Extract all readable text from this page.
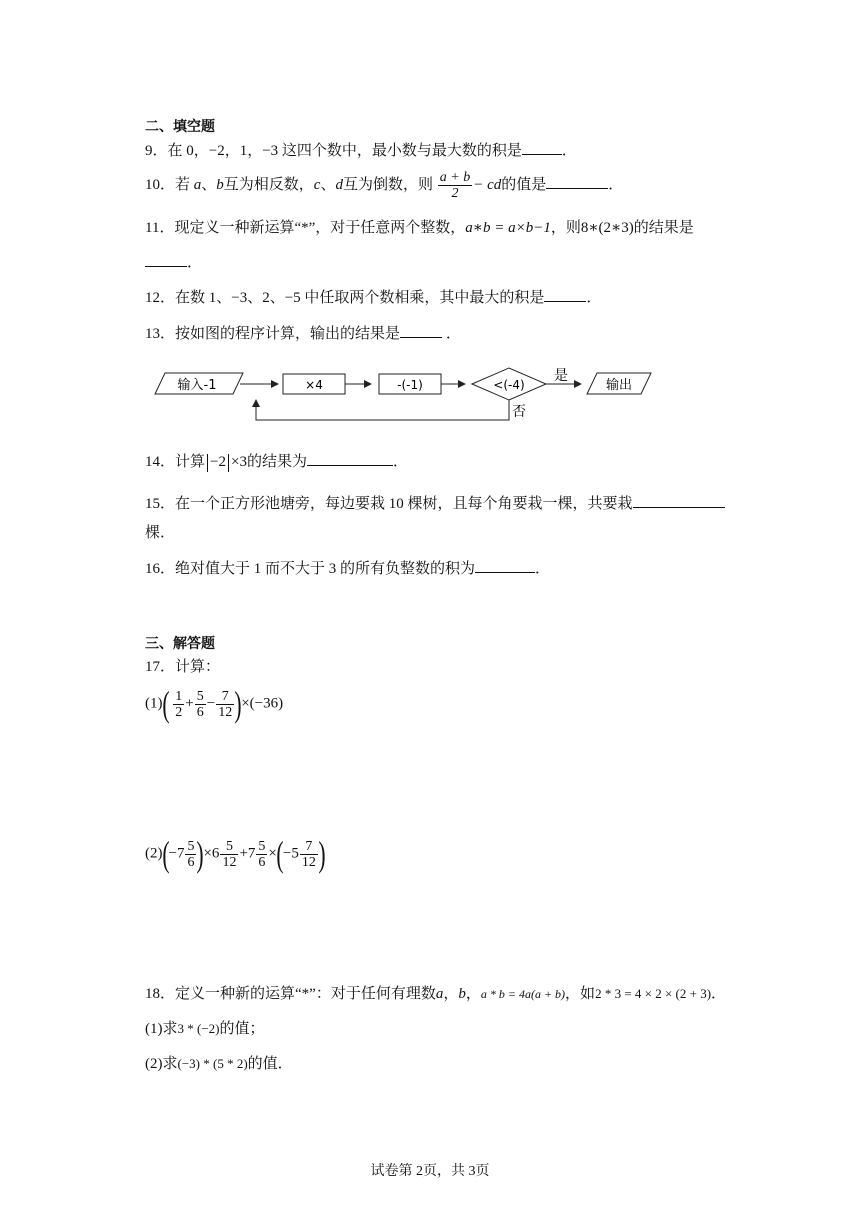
二、填空题
9．在 0，−2，1，−3 这四个数中，最小数与最大数的积是	．
10．若 a、b互为相反数，c、d互为倒数，则 $\frac{a + b}{2}$ − cd的值是	．
11．现定义一种新运算“*”，对于任意两个整数，a∗b = a×b−1，则8∗(2∗3)的结果是
．
12．在数 1、−3、2、−5 中任取两个数相乘，其中最大的积是	．
13．按如图的程序计算，输出的结果是	．
输入-1	×4	-(-1)	<(-4)
是
输出
否
14．计算 −2 ×3的结果为	．
15．在一个正方形池塘旁，每边要栽 10 棵树，且每个角要栽一棵，共要栽
棵．
16．绝对值大于 1 而不大于 3 的所有负整数的积为	．
三、解答题
17．计算：
$(1)( \frac{1}{2} + \frac{5}{6} - \frac{7}{12} )\times(-36)$
$(2)(-7 \frac{5}{6} )\times 6 \frac{5}{12} +7 \frac{5}{6} \times(-5 \frac{7}{12}$ )
18．定义一种新的运算“*”：对于任何有理数a，b，a * b = 4a(a + b)，如2 * 3 = 4 × 2 × (2 + 3)．
(1)求3 * (−2)的值；
(2)求(−3) * (5 * 2)的值．
试卷第 2页，共 3页
